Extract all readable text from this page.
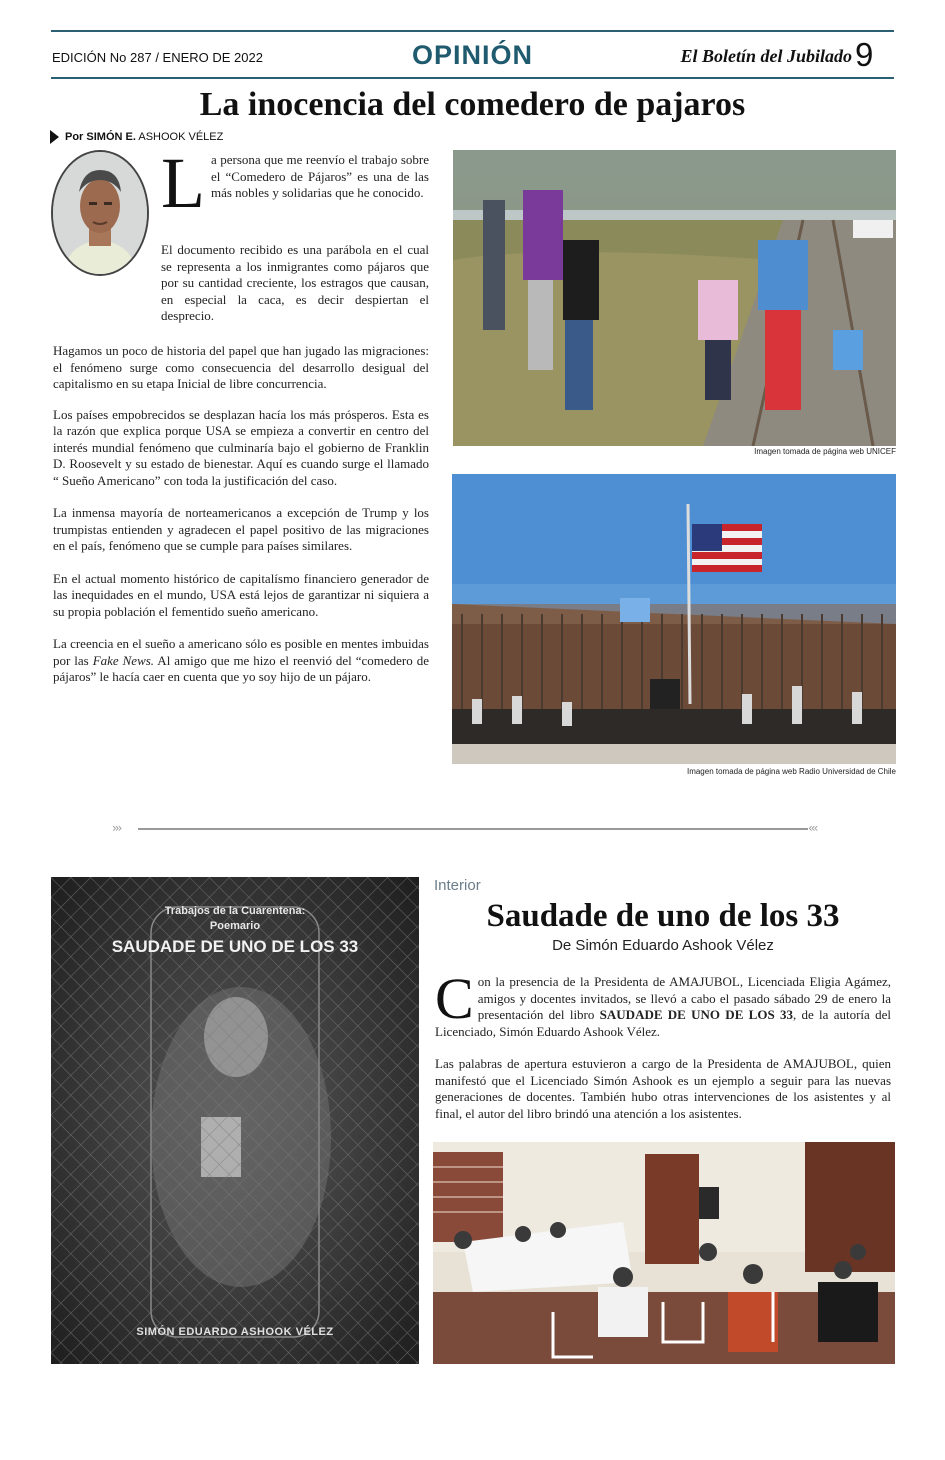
EDICIÓN No 287 / ENERO DE 2022	OPINIÓN	El Boletín del Jubilado 9
La inocencia del comedero de pajaros
Por SIMÓN E. ASHOOK VÉLEZ
L a persona que me reenvío el trabajo sobre el “Comedero de Pájaros” es una de las más nobles y solidarias que he conocido.
El documento recibido es una parábola en el cual se representa a los inmigrantes como pájaros que por su cantidad creciente, los estragos que causan, en especial la caca, es decir despiertan el desprecio.

Hagamos un poco de historia del papel que han jugado las migraciones: el fenómeno surge como consecuencia del desarrollo desigual del capitalismo en su etapa Inicial de libre concurrencia.

Los países empobrecidos se desplazan hacía los más prósperos. Esta es la razón que explica porque USA se empieza a convertir en centro del interés mundial fenómeno que culminaría bajo el gobierno de Franklin D. Roosevelt y su estado de bienestar. Aquí es cuando surge el llamado “ Sueño Americano” con toda la justificación del caso.

La inmensa mayoría de norteamericanos a excepción de Trump y los trumpistas entienden y agradecen el papel positivo de las migraciones en el país, fenómeno que se cumple para países similares.

En el actual momento histórico de capitalísmo financiero generador de las inequidades en el mundo, USA está lejos de garantizar ni siquiera a su propia población el fementido sueño americano.

La creencia en el sueño a americano sólo es posible en mentes imbuidas por las Fake News. Al amigo que me hizo el reenvió del “comedero de pájaros” le hacía caer en cuenta que yo soy hijo de un pájaro.

Imagen tomada de página web UNICEF
Imagen tomada de página web Radio Universidad de Chile
›››	‹‹‹
Trabajos de la Cuarentena:
Poemario
SAUDADE DE UNO DE LOS 33
SIMÓN EDUARDO ASHOOK VÉLEZ
Interior
Saudade de uno de los 33
De Simón Eduardo Ashook Vélez

Con la presencia de la Presidenta de AMAJUBOL, Licenciada Eligia Agámez, amigos y docentes invitados, se llevó a cabo el pasado sábado 29 de enero la presentación del libro SAUDADE DE UNO DE LOS 33, de la autoría del Licenciado, Simón Eduardo Ashook Vélez.

Las palabras de apertura estuvieron a cargo de la Presidenta de AMAJUBOL, quien manifestó que el Licenciado Simón Ashook es un ejemplo a seguir para las nuevas generaciones de docentes. También hubo otras intervenciones de los asistentes y al final, el autor del libro brindó una atención a los asistentes.
